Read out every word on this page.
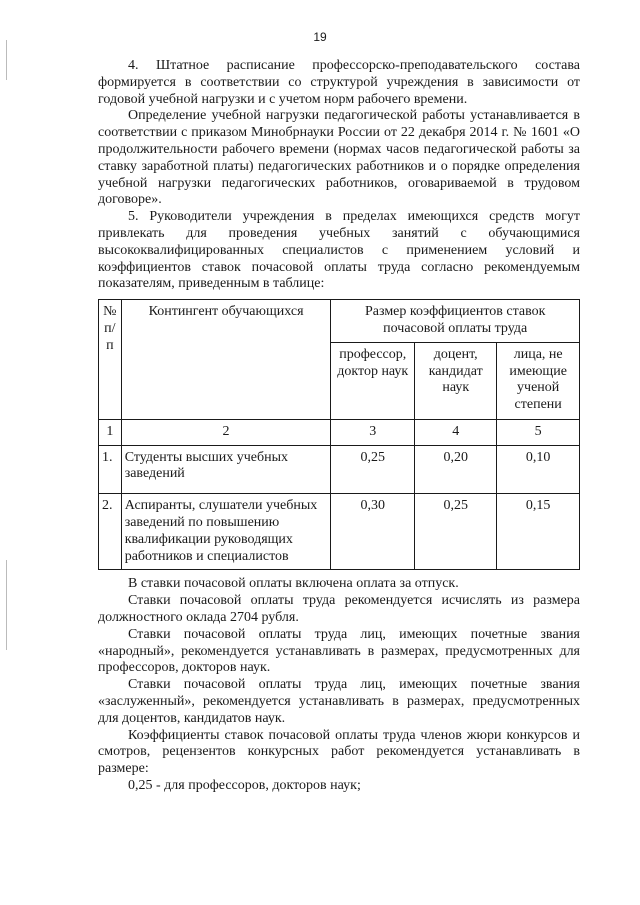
19

4. Штатное расписание профессорско-преподавательского состава формируется в соответствии со структурой учреждения в зависимости от годовой учебной нагрузки и с учетом норм рабочего времени.

Определение учебной нагрузки педагогической работы устанавливается в соответствии с приказом Минобрнауки России от 22 декабря 2014 г. № 1601 «О продолжительности рабочего времени (нормах часов педагогической работы за ставку заработной платы) педагогических работников и о порядке определения учебной нагрузки педагогических работников, оговариваемой в трудовом договоре».

5. Руководители учреждения в пределах имеющихся средств могут привлекать для проведения учебных занятий с обучающимися высококвалифицированных специалистов с применением условий и коэффициентов ставок почасовой оплаты труда согласно рекомендуемым показателям, приведенным в таблице:

№ п/п	Контингент обучающихся	Размер коэффициентов ставок почасовой оплаты труда		
		профессор, доктор наук	доцент, кандидат наук	лица, не имеющие ученой степени
1	2	3	4	5
1.	Студенты высших учебных заведений	0,25	0,20	0,10
2.	Аспиранты, слушатели учебных заведений по повышению квалификации руководящих работников и специалистов	0,30	0,25	0,15

В ставки почасовой оплаты включена оплата за отпуск.

Ставки почасовой оплаты труда рекомендуется исчислять из размера должностного оклада 2704 рубля.

Ставки почасовой оплаты труда лиц, имеющих почетные звания «народный», рекомендуется устанавливать в размерах, предусмотренных для профессоров, докторов наук.

Ставки почасовой оплаты труда лиц, имеющих почетные звания «заслуженный», рекомендуется устанавливать в размерах, предусмотренных для доцентов, кандидатов наук.

Коэффициенты ставок почасовой оплаты труда членов жюри конкурсов и смотров, рецензентов конкурсных работ рекомендуется устанавливать в размере:

0,25 - для профессоров, докторов наук;
